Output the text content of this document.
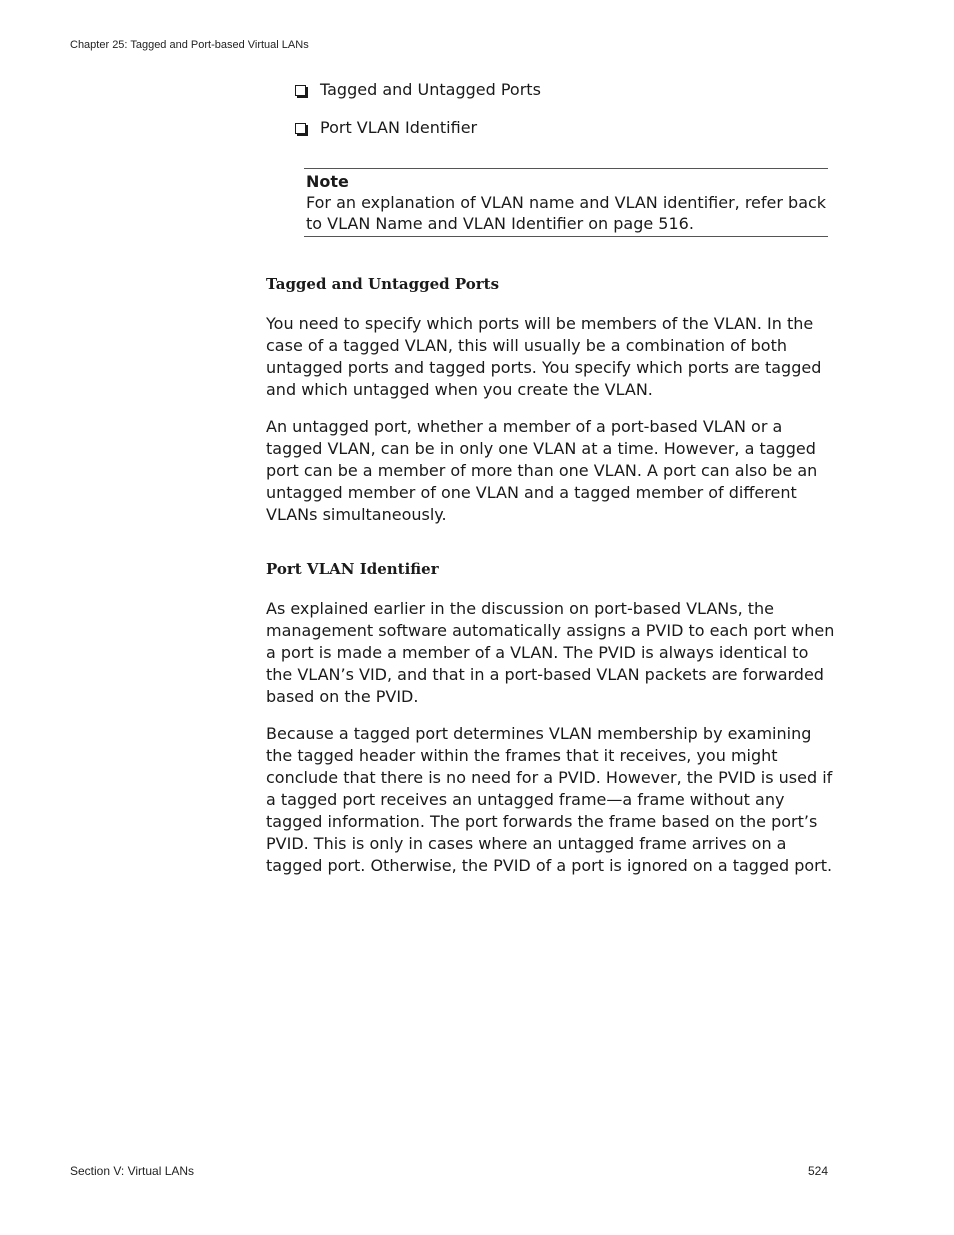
Chapter 25: Tagged and Port-based Virtual LANs
Tagged and Untagged Ports
Port VLAN Identifier
Note
For an explanation of VLAN name and VLAN identifier, refer back to VLAN Name and VLAN Identifier on page 516.
Tagged and Untagged Ports

You need to specify which ports will be members of the VLAN. In the case of a tagged VLAN, this will usually be a combination of both untagged ports and tagged ports. You specify which ports are tagged and which untagged when you create the VLAN.

An untagged port, whether a member of a port-based VLAN or a tagged VLAN, can be in only one VLAN at a time. However, a tagged port can be a member of more than one VLAN. A port can also be an untagged member of one VLAN and a tagged member of different VLANs simultaneously.

Port VLAN Identifier

As explained earlier in the discussion on port-based VLANs, the management software automatically assigns a PVID to each port when a port is made a member of a VLAN. The PVID is always identical to the VLAN’s VID, and that in a port-based VLAN packets are forwarded based on the PVID.

Because a tagged port determines VLAN membership by examining the tagged header within the frames that it receives, you might conclude that there is no need for a PVID. However, the PVID is used if a tagged port receives an untagged frame—a frame without any tagged information. The port forwards the frame based on the port’s PVID. This is only in cases where an untagged frame arrives on a tagged port. Otherwise, the PVID of a port is ignored on a tagged port.

Section V: Virtual LANs	524
